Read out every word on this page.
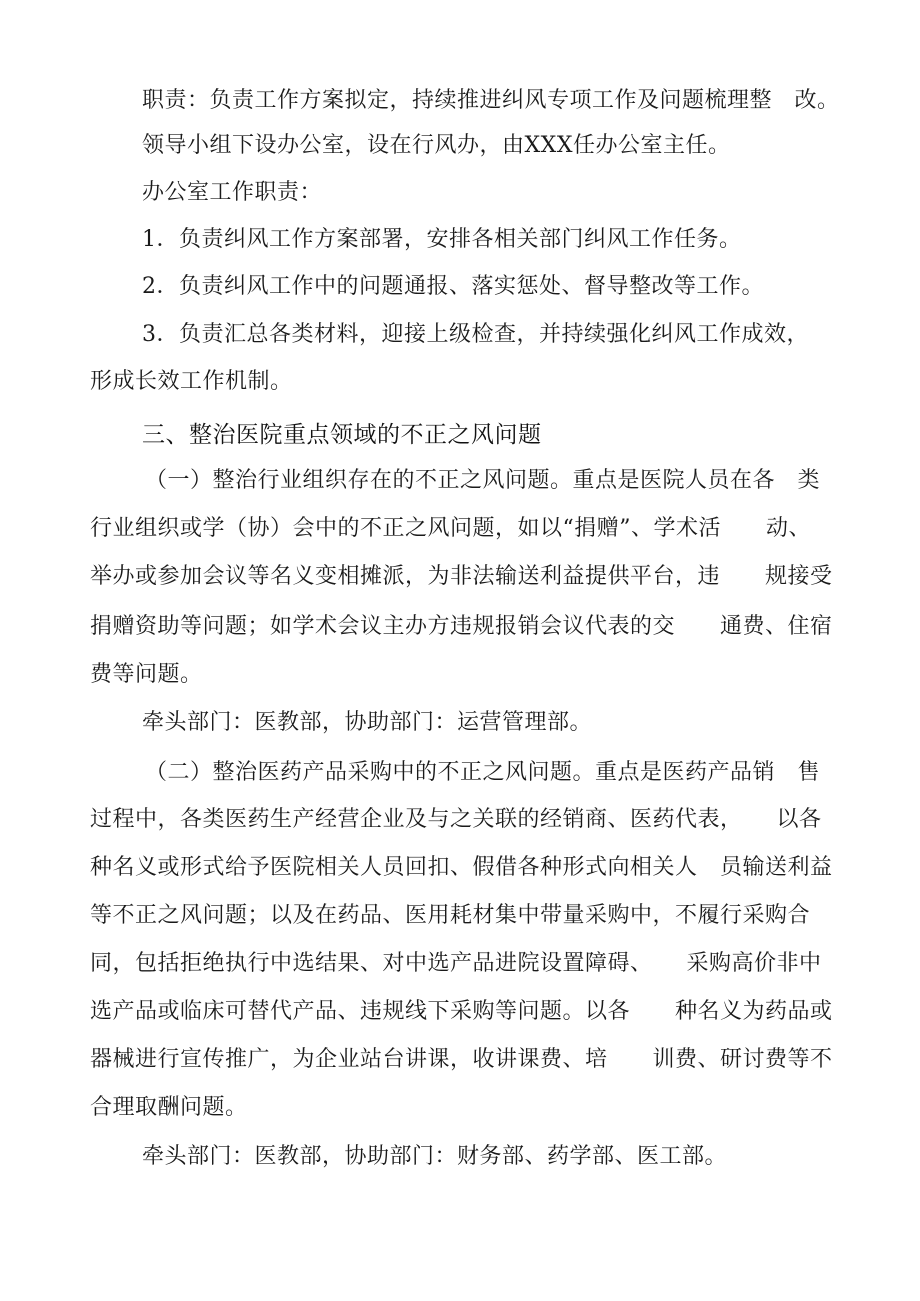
职责：负责工作方案拟定，持续推进纠风专项工作及问题梳理整　改。
领导小组下设办公室，设在行风办，由XXX任办公室主任。
办公室工作职责：
1．负责纠风工作方案部署，安排各相关部门纠风工作任务。
2．负责纠风工作中的问题通报、落实惩处、督导整改等工作。
3．负责汇总各类材料，迎接上级检查，并持续强化纠风工作成效，
形成长效工作机制。
三、整治医院重点领域的不正之风问题
（一）整治行业组织存在的不正之风问题。重点是医院人员在各　类
行业组织或学（协）会中的不正之风问题，如以“捐赠”、学术活　　动、
举办或参加会议等名义变相摊派，为非法输送利益提供平台，违　　规接受
捐赠资助等问题；如学术会议主办方违规报销会议代表的交　　通费、住宿
费等问题。
牵头部门：医教部，协助部门：运营管理部。
（二）整治医药产品采购中的不正之风问题。重点是医药产品销　售
过程中，各类医药生产经营企业及与之关联的经销商、医药代表，　　以各
种名义或形式给予医院相关人员回扣、假借各种形式向相关人　员输送利益
等不正之风问题；以及在药品、医用耗材集中带量采购中，不履行采购合
同，包括拒绝执行中选结果、对中选产品进院设置障碍、　　采购高价非中
选产品或临床可替代产品、违规线下采购等问题。以各　　种名义为药品或
器械进行宣传推广，为企业站台讲课，收讲课费、培　　训费、研讨费等不
合理取酬问题。
牵头部门：医教部，协助部门：财务部、药学部、医工部。
